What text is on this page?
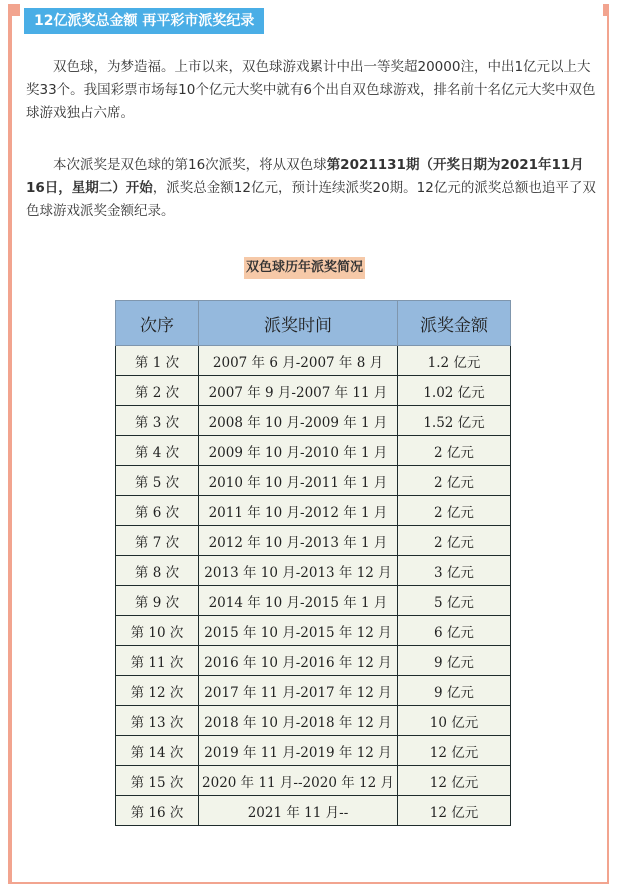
12亿派奖总金额 再平彩市派奖纪录
双色球，为梦造福。上市以来，双色球游戏累计中出一等奖超20000注，中出1亿元以上大奖33个。我国彩票市场每10个亿元大奖中就有6个出自双色球游戏，排名前十名亿元大奖中双色球游戏独占六席。
本次派奖是双色球的第16次派奖，将从双色球第2021131期（开奖日期为2021年11月16日，星期二）开始，派奖总金额12亿元，预计连续派奖20期。12亿元的派奖总额也追平了双色球游戏派奖金额纪录。
双色球历年派奖简况
次序	派奖时间	派奖金额
第 1 次	2007 年 6 月-2007 年 8 月	1.2 亿元
第 2 次	2007 年 9 月-2007 年 11 月	1.02 亿元
第 3 次	2008 年 10 月-2009 年 1 月	1.52 亿元
第 4 次	2009 年 10 月-2010 年 1 月	2 亿元
第 5 次	2010 年 10 月-2011 年 1 月	2 亿元
第 6 次	2011 年 10 月-2012 年 1 月	2 亿元
第 7 次	2012 年 10 月-2013 年 1 月	2 亿元
第 8 次	2013 年 10 月-2013 年 12 月	3 亿元
第 9 次	2014 年 10 月-2015 年 1 月	5 亿元
第 10 次	2015 年 10 月-2015 年 12 月	6 亿元
第 11 次	2016 年 10 月-2016 年 12 月	9 亿元
第 12 次	2017 年 11 月-2017 年 12 月	9 亿元
第 13 次	2018 年 10 月-2018 年 12 月	10 亿元
第 14 次	2019 年 11 月-2019 年 12 月	12 亿元
第 15 次	2020 年 11 月--2020 年 12 月	12 亿元
第 16 次	2021 年 11 月--	12 亿元
